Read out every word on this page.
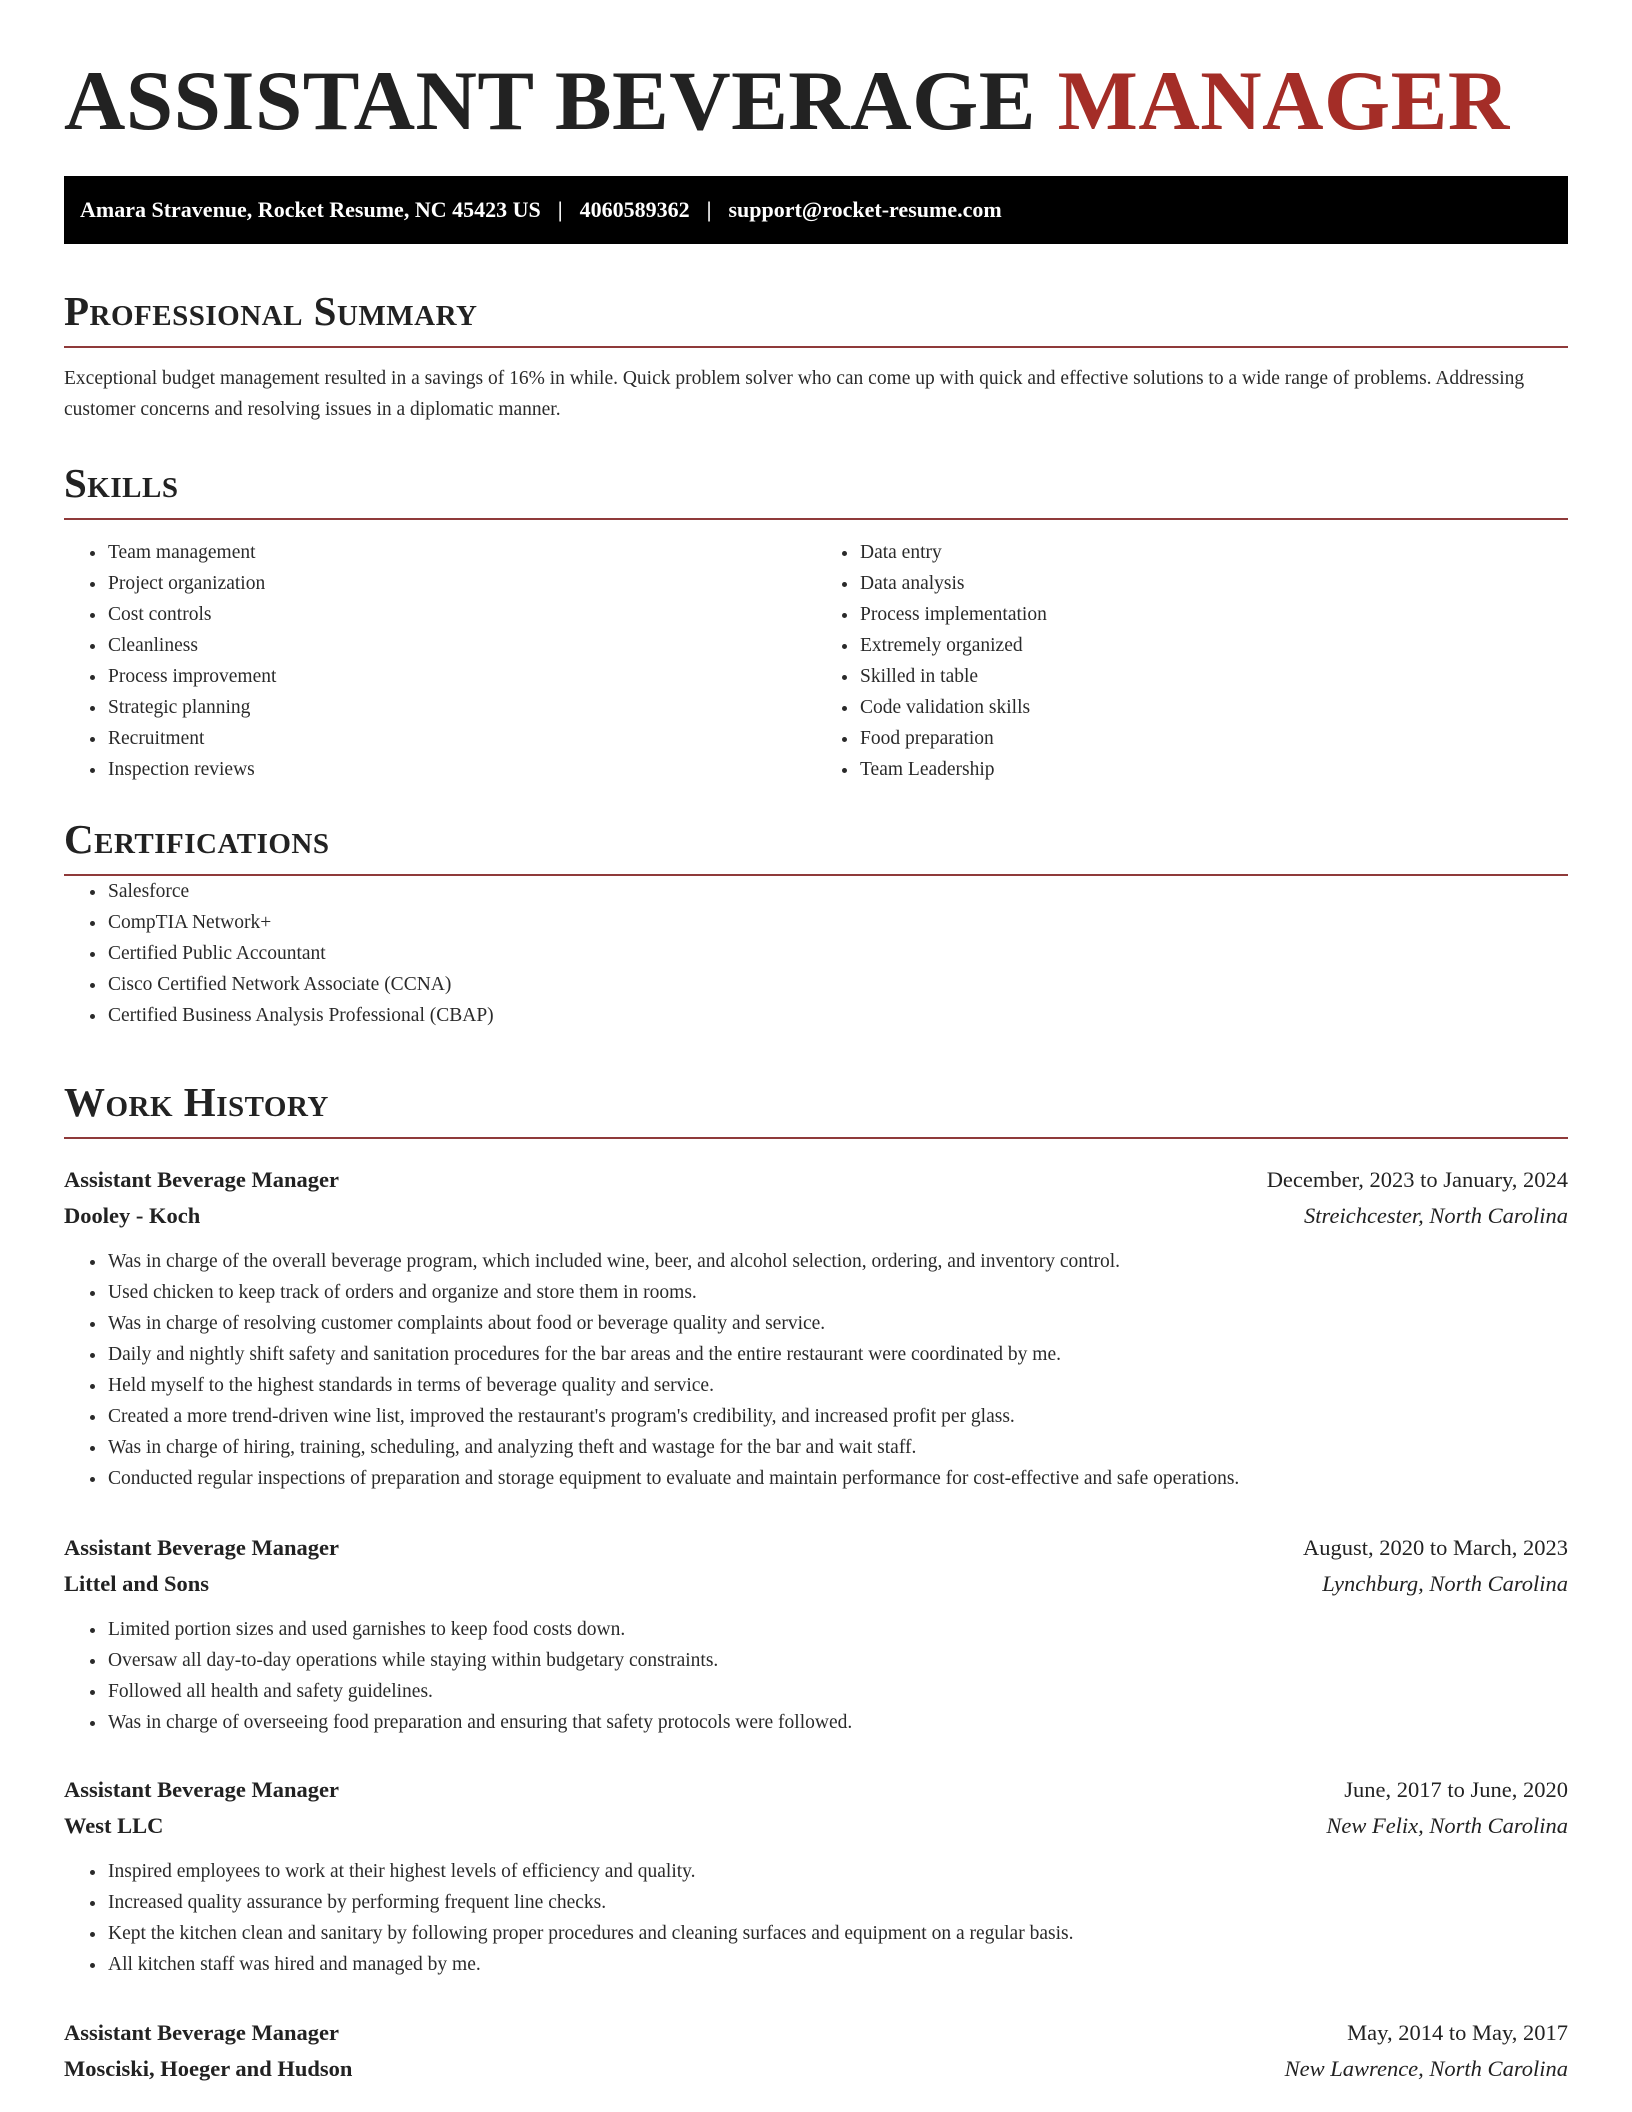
ASSISTANT BEVERAGE MANAGER
Amara Stravenue, Rocket Resume, NC 45423 US | 4060589362 | support@rocket-resume.com
Professional Summary

Exceptional budget management resulted in a savings of 16% in while. Quick problem solver who can come up with quick and effective solutions to a wide range of problems. Addressing customer concerns and resolving issues in a diplomatic manner.

Skills
• Team management
• Project organization
• Cost controls
• Cleanliness
• Process improvement
• Strategic planning
• Recruitment
• Inspection reviews
• Data entry
• Data analysis
• Process implementation
• Extremely organized
• Skilled in table
• Code validation skills
• Food preparation
• Team Leadership
Certifications
• Salesforce
• CompTIA Network+
• Certified Public Accountant
• Cisco Certified Network Associate (CCNA)
• Certified Business Analysis Professional (CBAP)
Work History
Assistant Beverage Manager	December, 2023 to January, 2024
Dooley - Koch	Streichcester, North Carolina
• Was in charge of the overall beverage program, which included wine, beer, and alcohol selection, ordering, and inventory control.
• Used chicken to keep track of orders and organize and store them in rooms.
• Was in charge of resolving customer complaints about food or beverage quality and service.
• Daily and nightly shift safety and sanitation procedures for the bar areas and the entire restaurant were coordinated by me.
• Held myself to the highest standards in terms of beverage quality and service.
• Created a more trend-driven wine list, improved the restaurant's program's credibility, and increased profit per glass.
• Was in charge of hiring, training, scheduling, and analyzing theft and wastage for the bar and wait staff.
• Conducted regular inspections of preparation and storage equipment to evaluate and maintain performance for cost-effective and safe operations.
Assistant Beverage Manager	August, 2020 to March, 2023
Littel and Sons	Lynchburg, North Carolina
• Limited portion sizes and used garnishes to keep food costs down.
• Oversaw all day-to-day operations while staying within budgetary constraints.
• Followed all health and safety guidelines.
• Was in charge of overseeing food preparation and ensuring that safety protocols were followed.
Assistant Beverage Manager	June, 2017 to June, 2020
West LLC	New Felix, North Carolina
• Inspired employees to work at their highest levels of efficiency and quality.
• Increased quality assurance by performing frequent line checks.
• Kept the kitchen clean and sanitary by following proper procedures and cleaning surfaces and equipment on a regular basis.
• All kitchen staff was hired and managed by me.
Assistant Beverage Manager	May, 2014 to May, 2017
Mosciski, Hoeger and Hudson	New Lawrence, North Carolina
